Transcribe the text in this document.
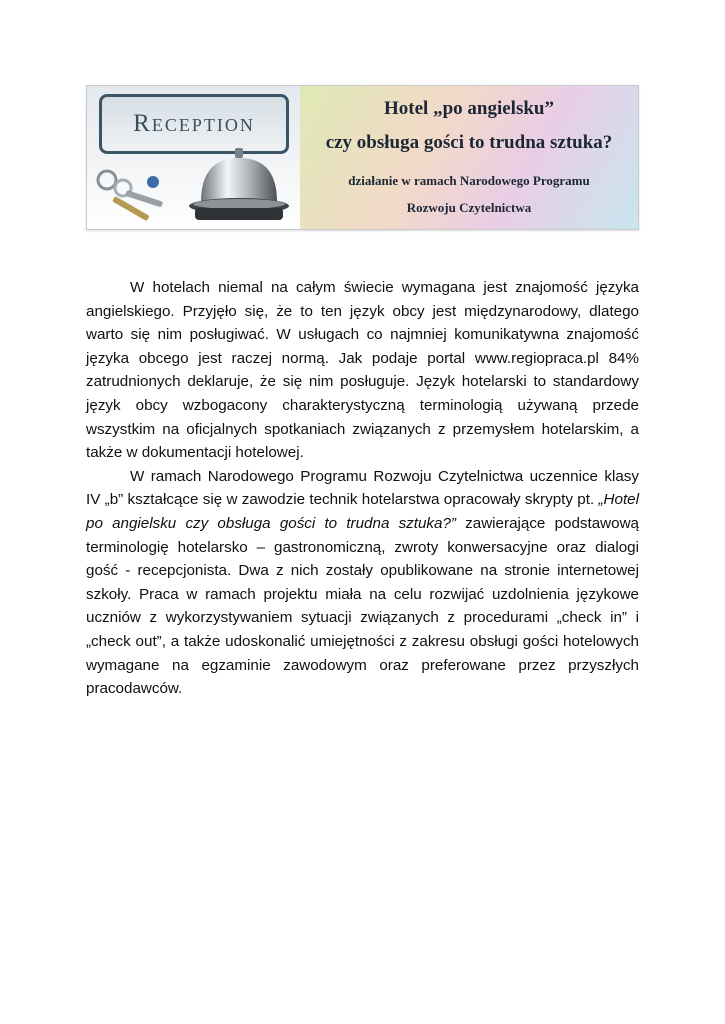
Reception
Hotel „po angielsku”
czy obsługa gości to trudna sztuka?
działanie w ramach Narodowego Programu
Rozwoju Czytelnictwa

W hotelach niemal na całym świecie wymagana jest znajomość języka angielskiego. Przyjęło się, że to ten język obcy jest międzynarodowy, dlatego warto się nim posługiwać. W usługach co najmniej komunikatywna znajomość języka obcego jest raczej normą. Jak podaje portal www.regiopraca.pl 84% zatrudnionych deklaruje, że się nim posługuje. Język hotelarski to standardowy język obcy wzbogacony charakterystyczną terminologią używaną przede wszystkim na oficjalnych spotkaniach związanych z przemysłem hotelarskim, a także w dokumentacji hotelowej.

W ramach Narodowego Programu Rozwoju Czytelnictwa uczennice klasy IV „b” kształcące się w zawodzie technik hotelarstwa opracowały skrypty pt. „Hotel po angielsku czy obsługa gości to trudna sztuka?” zawierające podstawową terminologię hotelarsko – gastronomiczną, zwroty konwersacyjne oraz dialogi gość - recepcjonista. Dwa z nich zostały opublikowane na stronie internetowej szkoły. Praca w ramach projektu miała na celu rozwijać uzdolnienia językowe uczniów z wykorzystywaniem sytuacji związanych z procedurami „check in” i „check out”, a także udoskonalić umiejętności z zakresu obsługi gości hotelowych wymagane na egzaminie zawodowym oraz preferowane przez przyszłych pracodawców.
